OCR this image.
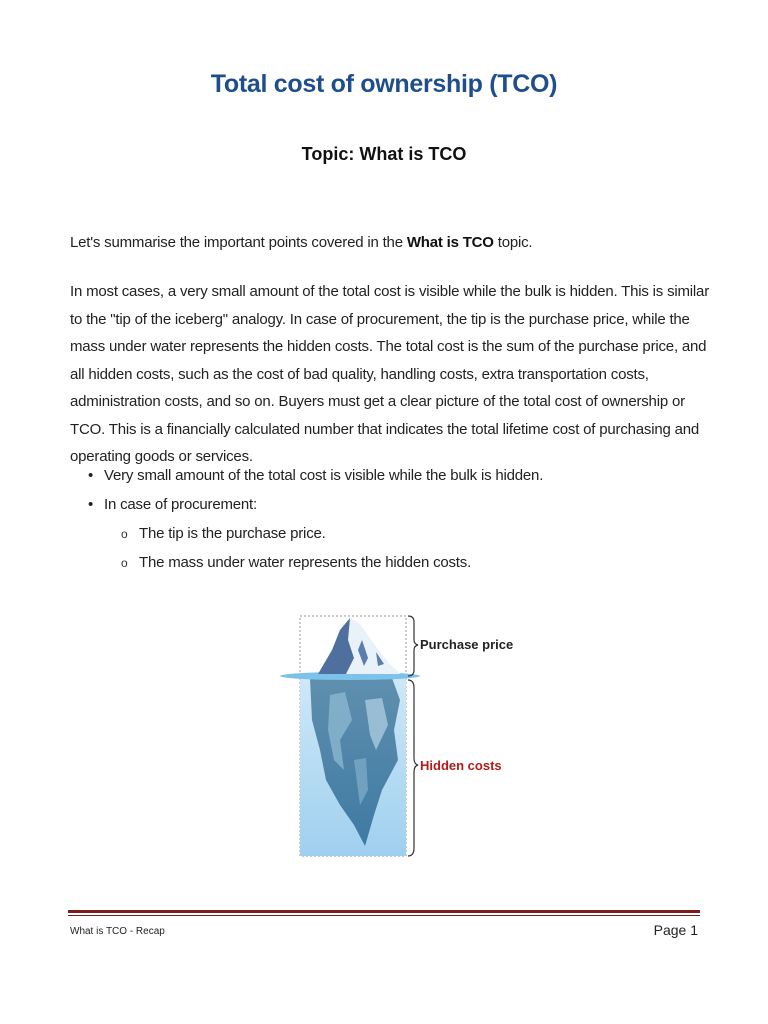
Total cost of ownership (TCO)
Topic: What is TCO
Let's summarise the important points covered in the What is TCO topic.
In most cases, a very small amount of the total cost is visible while the bulk is hidden. This is similar to the "tip of the iceberg" analogy. In case of procurement, the tip is the purchase price, while the mass under water represents the hidden costs. The total cost is the sum of the purchase price, and all hidden costs, such as the cost of bad quality, handling costs, extra transportation costs, administration costs, and so on. Buyers must get a clear picture of the total cost of ownership or TCO. This is a financially calculated number that indicates the total lifetime cost of purchasing and operating goods or services.
• Very small amount of the total cost is visible while the bulk is hidden.
• In case of procurement:
o The tip is the purchase price.
o The mass under water represents the hidden costs.
Purchase price
Hidden costs
What is TCO - Recap	Page 1
